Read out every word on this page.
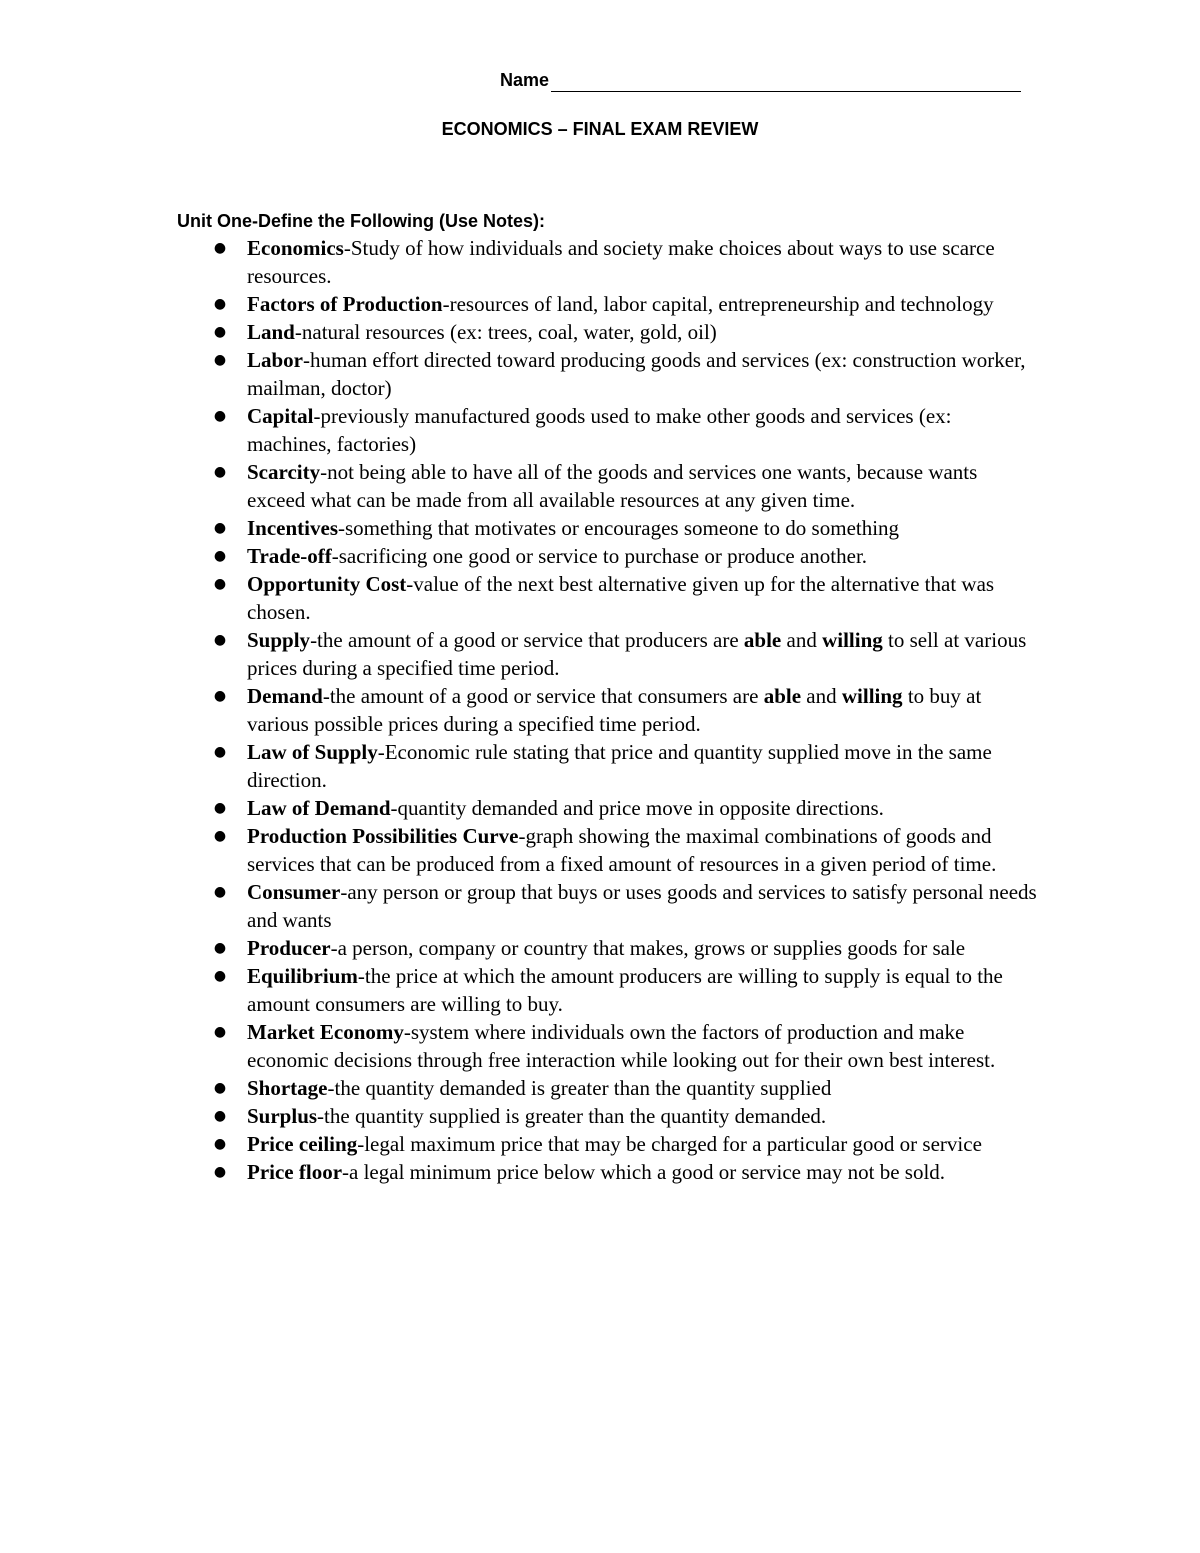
Name
ECONOMICS – FINAL EXAM REVIEW
Unit One-Define the Following (Use Notes):
● Economics-Study of how individuals and society make choices about ways to use scarce resources.
● Factors of Production-resources of land, labor capital, entrepreneurship and technology
● Land-natural resources (ex: trees, coal, water, gold, oil)
● Labor-human effort directed toward producing goods and services (ex: construction worker, mailman, doctor)
● Capital-previously manufactured goods used to make other goods and services (ex: machines, factories)
● Scarcity-not being able to have all of the goods and services one wants, because wants exceed what can be made from all available resources at any given time.
● Incentives-something that motivates or encourages someone to do something
● Trade-off-sacrificing one good or service to purchase or produce another.
● Opportunity Cost-value of the next best alternative given up for the alternative that was chosen.
● Supply-the amount of a good or service that producers are able and willing to sell at various prices during a specified time period.
● Demand-the amount of a good or service that consumers are able and willing to buy at various possible prices during a specified time period.
● Law of Supply-Economic rule stating that price and quantity supplied move in the same direction.
● Law of Demand-quantity demanded and price move in opposite directions.
● Production Possibilities Curve-graph showing the maximal combinations of goods and services that can be produced from a fixed amount of resources in a given period of time.
● Consumer-any person or group that buys or uses goods and services to satisfy personal needs and wants
● Producer-a person, company or country that makes, grows or supplies goods for sale
● Equilibrium-the price at which the amount producers are willing to supply is equal to the amount consumers are willing to buy.
● Market Economy-system where individuals own the factors of production and make economic decisions through free interaction while looking out for their own best interest.
● Shortage-the quantity demanded is greater than the quantity supplied
● Surplus-the quantity supplied is greater than the quantity demanded.
● Price ceiling-legal maximum price that may be charged for a particular good or service
● Price floor-a legal minimum price below which a good or service may not be sold.
